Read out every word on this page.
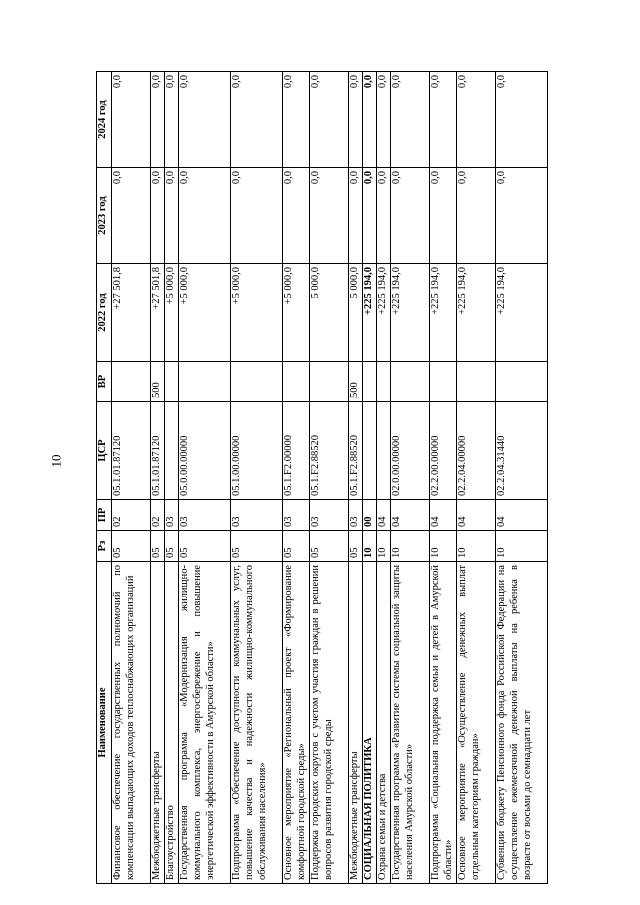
10
Наименование	Рз	ПР	ЦСР	ВР	2022 год	2023 год	2024 год
Финансовое обеспечение государственных полномочий по компенсации выпадающих доходов теплоснабжающих организаций	05	02	05.1.01.87120		+27 501,8	0,0	0,0
Межбюджетные трансферты	05	02	05.1.01.87120	500	+27 501,8	0,0	0,0
Благоустройство	05	03			+5 000,0	0,0	0,0
Государственная программа «Модернизация жилищно-коммунального комплекса, энергосбережение и повышение энергетической эффективности в Амурской области»	05	03	05.0.00.00000		+5 000,0	0,0	0,0
Подпрограмма «Обеспечение доступности коммунальных услуг, повышение качества и надежности жилищно-коммунального обслуживания населения»	05	03	05.1.00.00000		+5 000,0	0,0	0,0
Основное мероприятие «Региональный проект «Формирование комфортной городской среды»	05	03	05.1.F2.00000		+5 000,0	0,0	0,0
Поддержка городских округов с учетом участия граждан в решении вопросов развития городской среды	05	03	05.1.F2.88520		5 000,0	0,0	0,0
Межбюджетные трансферты	05	03	05.1.F2.88520	500	5 000,0	0,0	0,0
СОЦИАЛЬНАЯ ПОЛИТИКА	10	00			+225 194,0	0,0	0,0
Охрана семьи и детства	10	04			+225 194,0	0,0	0,0
Государственная программа «Развитие системы социальной защиты населения Амурской области»	10	04	02.0.00.00000		+225 194,0	0,0	0,0
Подпрограмма «Социальная поддержка семьи и детей в Амурской области»	10	04	02.2.00.00000		+225 194,0	0,0	0,0
Основное мероприятие «Осуществление денежных выплат отдельным категориям граждан»	10	04	02.2.04.00000		+225 194,0	0,0	0,0
Субвенции бюджету Пенсионного фонда Российской Федерации на осуществление ежемесячной денежной выплаты на ребенка в возрасте от восьми до семнадцати лет	10	04	02.2.04.31440		+225 194,0	0,0	0,0
